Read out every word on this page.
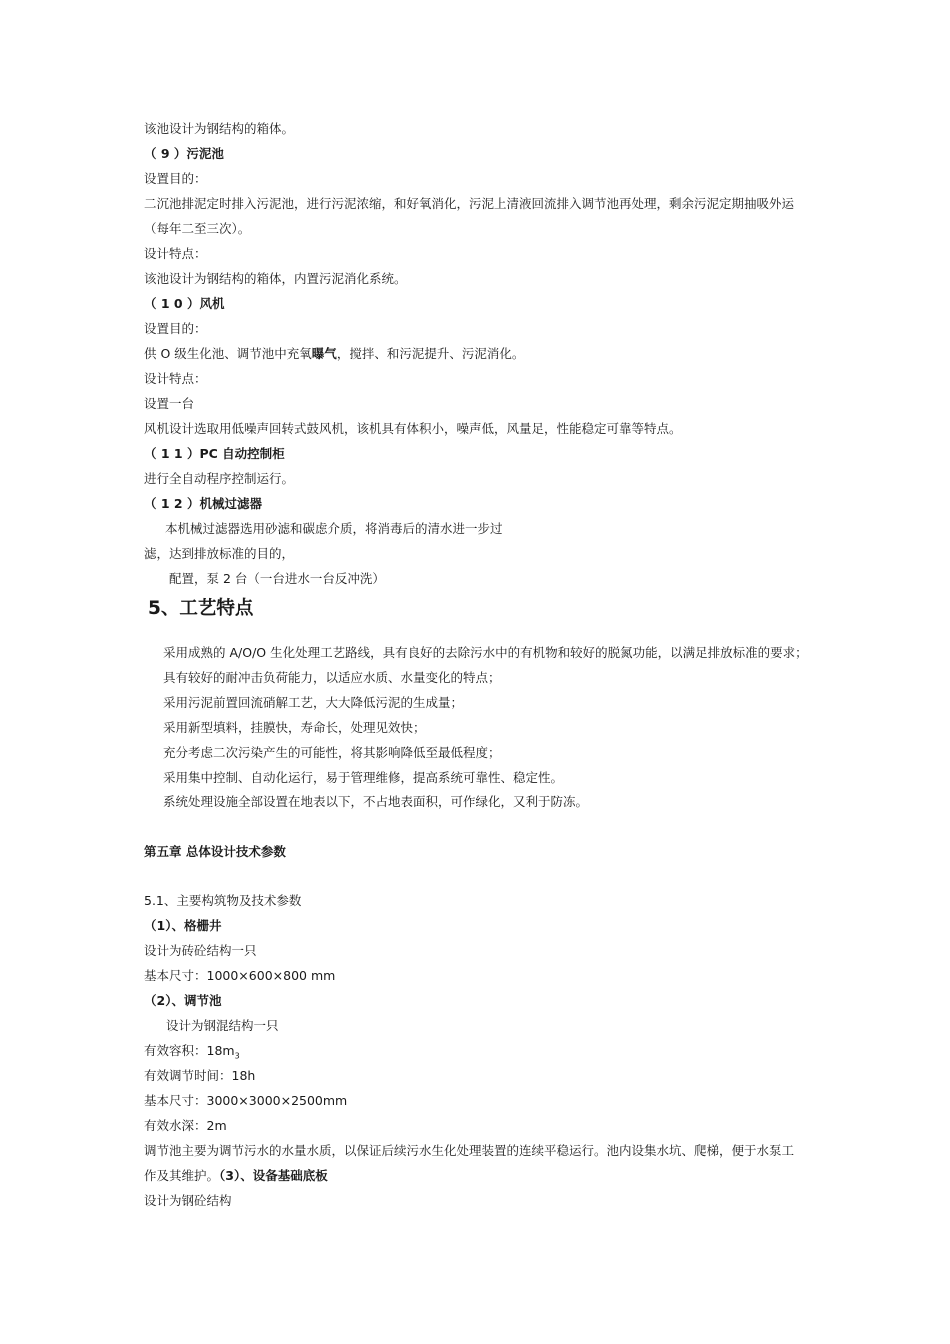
该池设计为钢结构的箱体。
（ 9 ）污泥池
设置目的：
二沉池排泥定时排入污泥池，进行污泥浓缩，和好氧消化，污泥上清液回流排入调节池再处理，剩余污泥定期抽吸外运
（每年二至三次）。
设计特点：
该池设计为钢结构的箱体，内置污泥消化系统。
（ 1 0 ）风机
设置目的：
供 O 级生化池、调节池中充氧曝气，搅拌、和污泥提升、污泥消化。
设计特点：
设置一台
风机设计选取用低噪声回转式鼓风机，该机具有体积小，噪声低，风量足，性能稳定可靠等特点。
（ 1 1 ）PC 自动控制柜
进行全自动程序控制运行。
（ 1 2 ）机械过滤器
本机械过滤器选用砂滤和碳虑介质，将消毒后的清水进一步过
滤，达到排放标准的目的，
配置，泵 2 台（一台进水一台反冲洗）
5、工艺特点
采用成熟的 A/O/O 生化处理工艺路线，具有良好的去除污水中的有机物和较好的脱氮功能，以满足排放标准的要求；
具有较好的耐冲击负荷能力，以适应水质、水量变化的特点；
采用污泥前置回流硝解工艺，大大降低污泥的生成量；
采用新型填料，挂膜快，寿命长，处理见效快；
充分考虑二次污染产生的可能性，将其影响降低至最低程度；
采用集中控制、自动化运行，易于管理维修，提高系统可靠性、稳定性。
系统处理设施全部设置在地表以下，不占地表面积，可作绿化，又利于防冻。
第五章 总体设计技术参数
5.1、主要构筑物及技术参数
（1）、格栅井
设计为砖砼结构一只
基本尺寸：1000×600×800 mm
（2）、调节池
设计为钢混结构一只
有效容积：$18m_3$
有效调节时间：18h
基本尺寸：3000×3000×2500mm
有效水深：2m
调节池主要为调节污水的水量水质，以保证后续污水生化处理装置的连续平稳运行。池内设集水坑、爬梯，便于水泵工
作及其维护。（3）、设备基础底板
设计为钢砼结构
